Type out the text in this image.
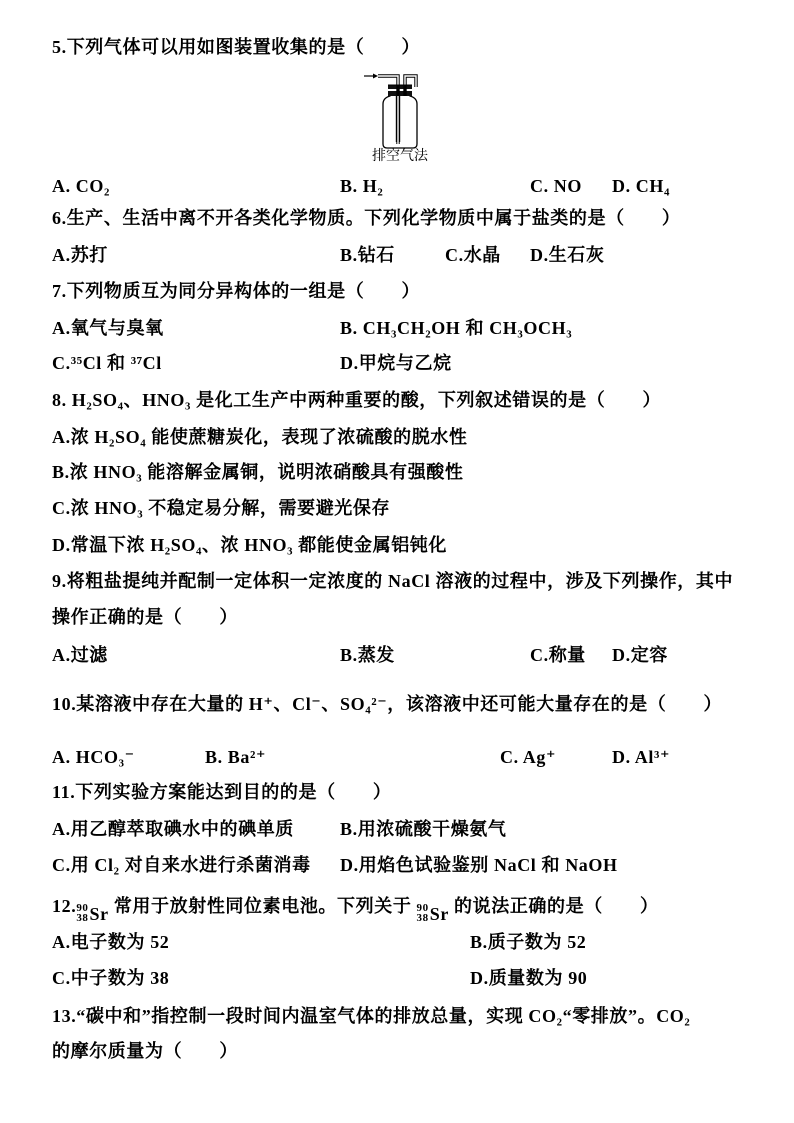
5.下列气体可以用如图装置收集的是（　　）
排空气法
A. CO₂	B. H₂	C. NO D. CH₄
6.生产、生活中离不开各类化学物质。下列化学物质中属于盐类的是（　　）
A.苏打	B.钻石	C.水晶 D.生石灰
7.下列物质互为同分异构体的一组是（　　）
A.氧气与臭氧	B. CH₃CH₂OH 和 CH₃OCH₃
C.³⁵Cl 和 ³⁷Cl	D.甲烷与乙烷
8. H₂SO₄、HNO₃ 是化工生产中两种重要的酸，下列叙述错误的是（　　）
A.浓 H₂SO₄ 能使蔗糖炭化，表现了浓硫酸的脱水性
B.浓 HNO₃ 能溶解金属铜，说明浓硝酸具有强酸性
C.浓 HNO₃ 不稳定易分解，需要避光保存
D.常温下浓 H₂SO₄、浓 HNO₃ 都能使金属铝钝化
9.将粗盐提纯并配制一定体积一定浓度的 NaCl 溶液的过程中，涉及下列操作，其中
操作正确的是（　　）
A.过滤	B.蒸发	C.称量 D.定容
10.某溶液中存在大量的 H⁺、Cl⁻、SO₄²⁻，该溶液中还可能大量存在的是（　　）
A. HCO₃⁻	B. Ba²⁺	C. Ag⁺	D. Al³⁺
11.下列实验方案能达到目的的是（　　）
A.用乙醇萃取碘水中的碘单质	B.用浓硫酸干燥氨气
C.用 Cl₂ 对自来水进行杀菌消毒 D.用焰色试验鉴别 NaCl 和 NaOH
12. 90
38 Sr 常用于放射性同位素电池。下列关于 90
38 Sr 的说法正确的是（　　）
A.电子数为 52	B.质子数为 52
C.中子数为 38	D.质量数为 90
13.“碳中和”指控制一段时间内温室气体的排放总量，实现 CO₂“零排放”。CO₂
的摩尔质量为（　　）
